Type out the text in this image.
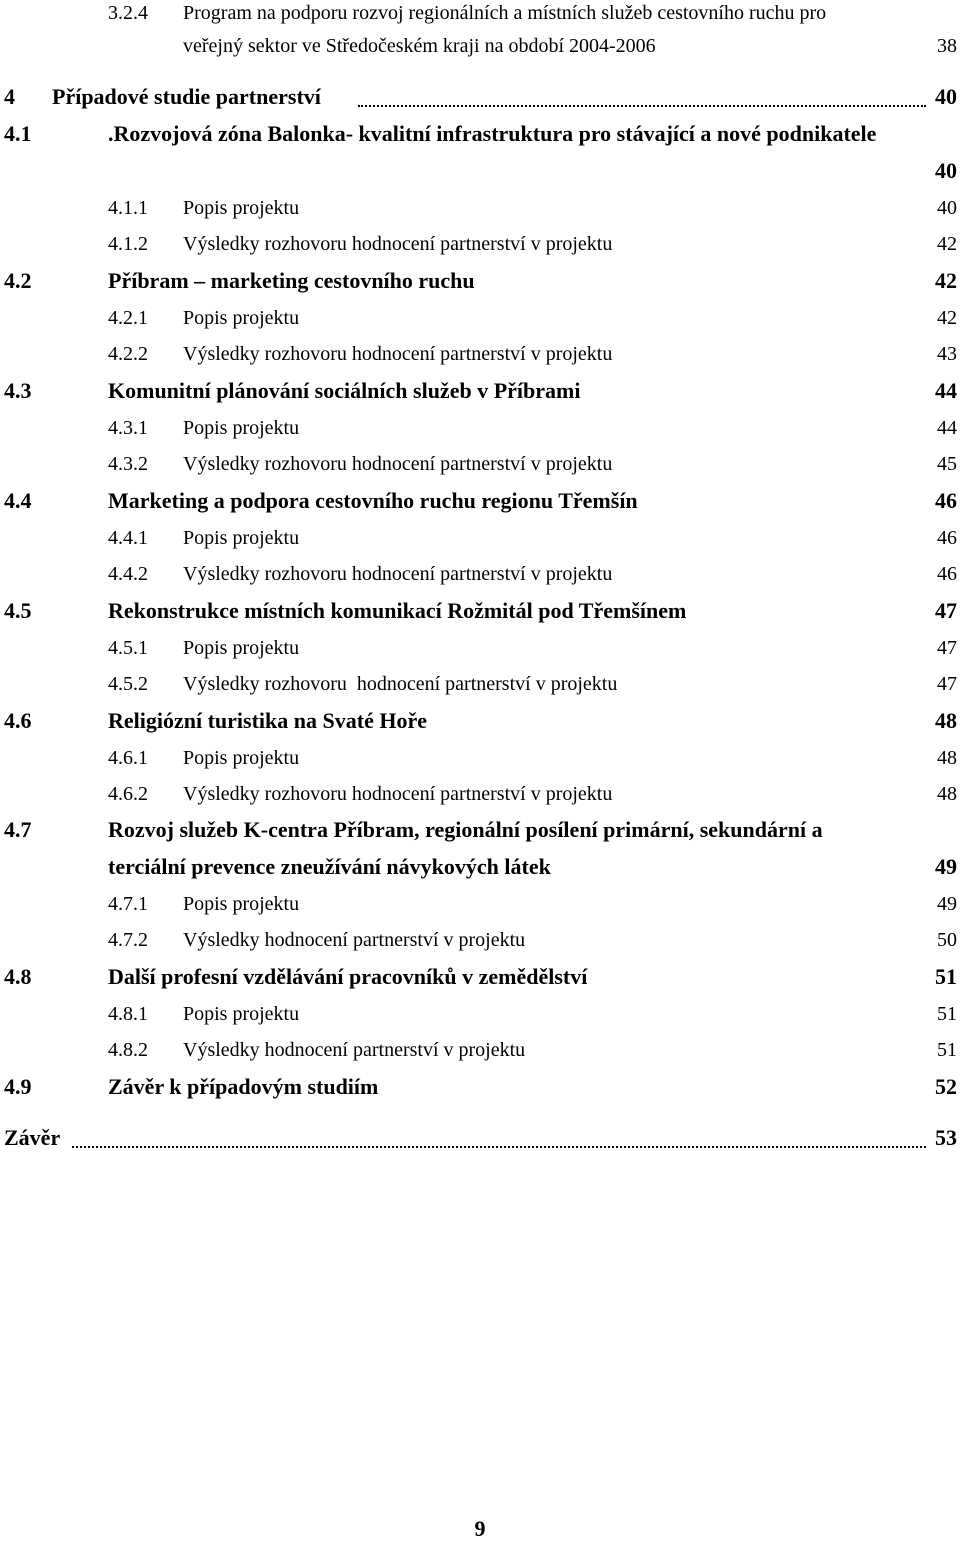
3.2.4 Program na podporu rozvoj regionálních a místních služeb cestovního ruchu pro
veřejný sektor ve Středočeském kraji na období 2004-2006	38
4 Případové studie partnerství	40
4.1	.Rozvojová zóna Balonka- kvalitní infrastruktura pro stávající a nové podnikatele
40
4.1.1 Popis projektu	40
4.1.2 Výsledky rozhovoru hodnocení partnerství v projektu	42
4.2	Příbram – marketing cestovního ruchu	42
4.2.1 Popis projektu	42
4.2.2 Výsledky rozhovoru hodnocení partnerství v projektu	43
4.3	Komunitní plánování sociálních služeb v Příbrami	44
4.3.1 Popis projektu	44
4.3.2 Výsledky rozhovoru hodnocení partnerství v projektu	45
4.4	Marketing a podpora cestovního ruchu regionu Třemšín	46
4.4.1 Popis projektu	46
4.4.2 Výsledky rozhovoru hodnocení partnerství v projektu	46
4.5	Rekonstrukce místních komunikací Rožmitál pod Třemšínem	47
4.5.1 Popis projektu	47
4.5.2 Výsledky rozhovoru  hodnocení partnerství v projektu	47
4.6	Religiózní turistika na Svaté Hoře	48
4.6.1 Popis projektu	48
4.6.2 Výsledky rozhovoru hodnocení partnerství v projektu	48
4.7	Rozvoj služeb K-centra Příbram, regionální posílení primární, sekundární a
terciální prevence zneužívání návykových látek	49
4.7.1 Popis projektu	49
4.7.2 Výsledky hodnocení partnerství v projektu	50
4.8	Další profesní vzdělávání pracovníků v zemědělství	51
4.8.1 Popis projektu	51
4.8.2 Výsledky hodnocení partnerství v projektu	51
4.9	Závěr k případovým studiím	52
Závěr	53
9
